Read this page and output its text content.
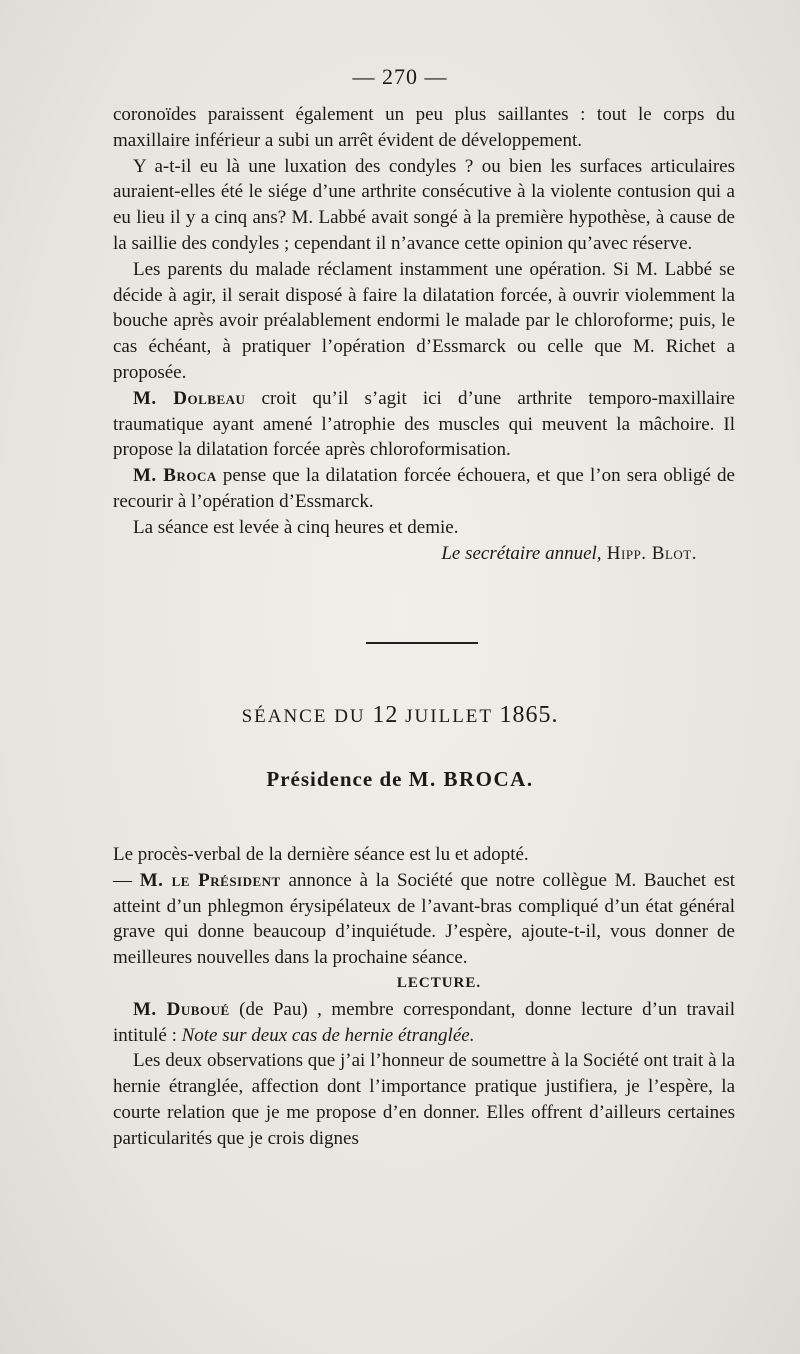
— 270 —

coronoïdes paraissent également un peu plus saillantes : tout le corps du maxillaire inférieur a subi un arrêt évident de développement.

Y a-t-il eu là une luxation des condyles ? ou bien les surfaces articulaires auraient-elles été le siége d’une arthrite consécutive à la violente contusion qui a eu lieu il y a cinq ans? M. Labbé avait songé à la première hypothèse, à cause de la saillie des condyles ; cependant il n’avance cette opinion qu’avec réserve.

Les parents du malade réclament instamment une opération. Si M. Labbé se décide à agir, il serait disposé à faire la dilatation forcée, à ouvrir violemment la bouche après avoir préalablement endormi le malade par le chloroforme; puis, le cas échéant, à pratiquer l’opération d’Essmarck ou celle que M. Richet a proposée.

M. Dolbeau croit qu’il s’agit ici d’une arthrite temporo-maxillaire traumatique ayant amené l’atrophie des muscles qui meuvent la mâchoire. Il propose la dilatation forcée après chloroformisation.

M. Broca pense que la dilatation forcée échouera, et que l’on sera obligé de recourir à l’opération d’Essmarck.

La séance est levée à cinq heures et demie.

Le secrétaire annuel, Hipp. Blot.

SÉANCE DU 12 JUILLET 1865.
Présidence de M. BROCA.

Le procès-verbal de la dernière séance est lu et adopté.

— M. le Président annonce à la Société que notre collègue M. Bauchet est atteint d’un phlegmon érysipélateux de l’avant-bras compliqué d’un état général grave qui donne beaucoup d’inquiétude. J’espère, ajoute-t-il, vous donner de meilleures nouvelles dans la prochaine séance.

LECTURE.

M. Duboué (de Pau) , membre correspondant, donne lecture d’un travail intitulé : Note sur deux cas de hernie étranglée.

Les deux observations que j’ai l’honneur de soumettre à la Société ont trait à la hernie étranglée, affection dont l’importance pratique justifiera, je l’espère, la courte relation que je me propose d’en donner. Elles offrent d’ailleurs certaines particularités que je crois dignes
